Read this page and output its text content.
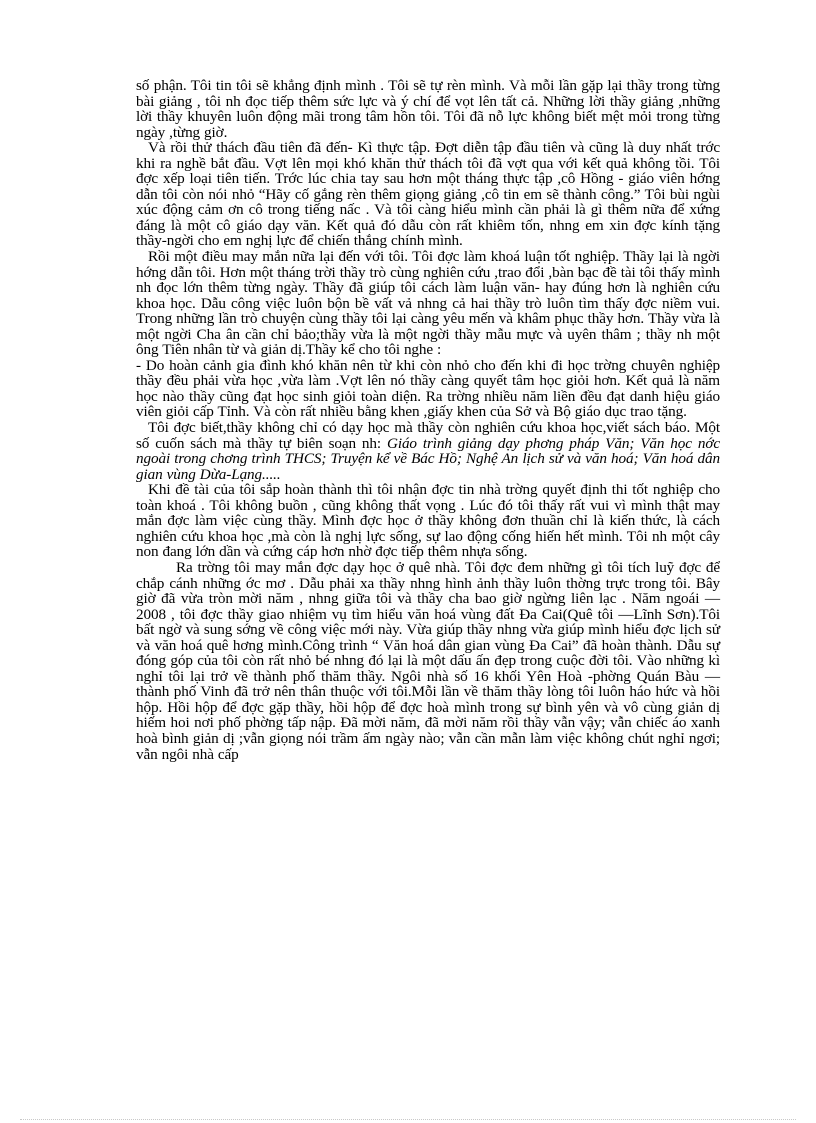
số phận. Tôi tin tôi sẽ khẳng định mình . Tôi sẽ tự rèn mình. Và mỗi lần gặp lại thầy trong từng bài giảng , tôi nh đọc tiếp thêm sức lực và ý chí để vọt lên tất cả. Những lời thầy giảng ,những lời thầy khuyên luôn động mãi trong tâm hồn tôi. Tôi đã nỗ lực không biết mệt mỏi trong từng ngày ,từng giờ.

Và rồi thử thách đầu tiên đã đến- Kì thực tập. Đợt diễn tập đầu tiên và cũng là duy nhất trớc khi ra nghề bắt đầu. Vợt lên mọi khó khăn thử thách tôi đã vợt qua với kết quả không tồi. Tôi đợc xếp loại tiên tiến. Trớc lúc chia tay sau hơn một tháng thực tập ,cô Hồng - giáo viên hớng dẫn tôi còn nói nhỏ “Hãy cố gắng rèn thêm giọng giảng ,cô tin em sẽ thành công.” Tôi bùi ngùi xúc động cảm ơn cô trong tiếng nấc . Và tôi càng hiểu mình cần phải là gì thêm nữa để xứng đáng là một cô giáo dạy văn. Kết quả đó dẫu còn rất khiêm tốn, nhng em xin đợc kính tặng thầy-ngời cho em nghị lực để chiến thắng chính mình.

Rồi một điều may mắn nữa lại đến với tôi. Tôi đợc làm khoá luận tốt nghiệp. Thầy lại là ngời hớng dẫn tôi. Hơn một tháng trời thầy trò cùng nghiên cứu ,trao đổi ,bàn bạc đề tài tôi thấy mình nh đọc lớn thêm từng ngày. Thầy đã giúp tôi cách làm luận văn- hay đúng hơn là nghiên cứu khoa học. Dẫu công việc luôn bộn bề vất vả nhng cả hai thầy trò luôn tìm thấy đợc niềm vui. Trong những lần trò chuyện cùng thầy tôi lại càng yêu mến và khâm phục thầy hơn. Thầy vừa là một ngời Cha ân cần chỉ bảo;thầy vừa là một ngời thầy mẫu mực và uyên thâm ; thầy nh một ông Tiên nhân từ và giản dị.Thầy kể cho tôi nghe :

- Do hoàn cảnh gia đình khó khăn nên từ khi còn nhỏ cho đến khi đi học trờng chuyên nghiệp thầy đều phải vừa học ,vừa làm .Vợt lên nó thầy càng quyết tâm học giỏi hơn. Kết quả là năm học nào thầy cũng đạt học sinh giỏi toàn diện. Ra trờng nhiều năm liền đều đạt danh hiệu giáo viên giỏi cấp Tỉnh. Và còn rất nhiều bằng khen ,giấy khen của Sở và Bộ giáo dục trao tặng.

Tôi đợc biết,thầy không chỉ có dạy học mà thầy còn nghiên cứu khoa học,viết sách báo. Một số cuốn sách mà thầy tự biên soạn nh: Giáo trình giảng dạy phơng pháp Văn; Văn học nớc ngoài trong chơng trình THCS; Truyện kể về Bác Hồ; Nghệ An lịch sử và văn hoá; Văn hoá dân gian vùng Dừa-Lạng.....

Khi đề tài của tôi sắp hoàn thành thì tôi nhận đợc tin nhà trờng quyết định thi tốt nghiệp cho toàn khoá . Tôi không buồn , cũng không thất vọng . Lúc đó tôi thấy rất vui vì mình thật may mắn đợc làm việc cùng thầy. Mình đợc học ở thầy không đơn thuần chỉ là kiến thức, là cách nghiên cứu khoa học ,mà còn là nghị lực sống, sự lao động cống hiến hết mình. Tôi nh một cây non đang lớn dần và cứng cáp hơn nhờ đợc tiếp thêm nhựa sống.

Ra trờng tôi may mắn đợc dạy học ở quê nhà. Tôi đợc đem những gì tôi tích luỹ đợc để chắp cánh những ớc mơ . Dẫu phải xa thầy nhng hình ảnh thầy luôn thờng trực trong tôi. Bây giờ đã vừa tròn mời năm , nhng giữa tôi và thầy cha bao giờ ngừng liên lạc . Năm ngoái — 2008 , tôi đợc thầy giao nhiệm vụ tìm hiểu văn hoá vùng đất Đa Cai(Quê tôi —Lĩnh Sơn).Tôi bất ngờ và sung sớng về công việc mới này. Vừa giúp thầy nhng vừa giúp mình hiểu đợc lịch sử và văn hoá quê hơng mình.Công trình “ Văn hoá dân gian vùng Đa Cai” đã hoàn thành. Dẫu sự đóng góp của tôi còn rất nhỏ bé nhng đó lại là một dấu ấn đẹp trong cuộc đời tôi. Vào những kì nghỉ tôi lại trở về thành phố thăm thầy. Ngôi nhà số 16 khối Yên Hoà -phờng Quán Bàu — thành phố Vinh đã trở nên thân thuộc với tôi.Mỗi lần về thăm thầy lòng tôi luôn háo hức và hồi hộp. Hồi hộp để đợc gặp thầy, hồi hộp để đợc hoà mình trong sự bình yên và vô cùng giản dị hiếm hoi nơi phố phờng tấp nập. Đã mời năm, đã mời năm rồi thầy vẫn vậy; vẫn chiếc áo xanh hoà bình giản dị ;vẫn giọng nói trầm ấm ngày nào; vẫn cần mẫn làm việc không chút nghỉ ngơi; vẫn ngôi nhà cấp
